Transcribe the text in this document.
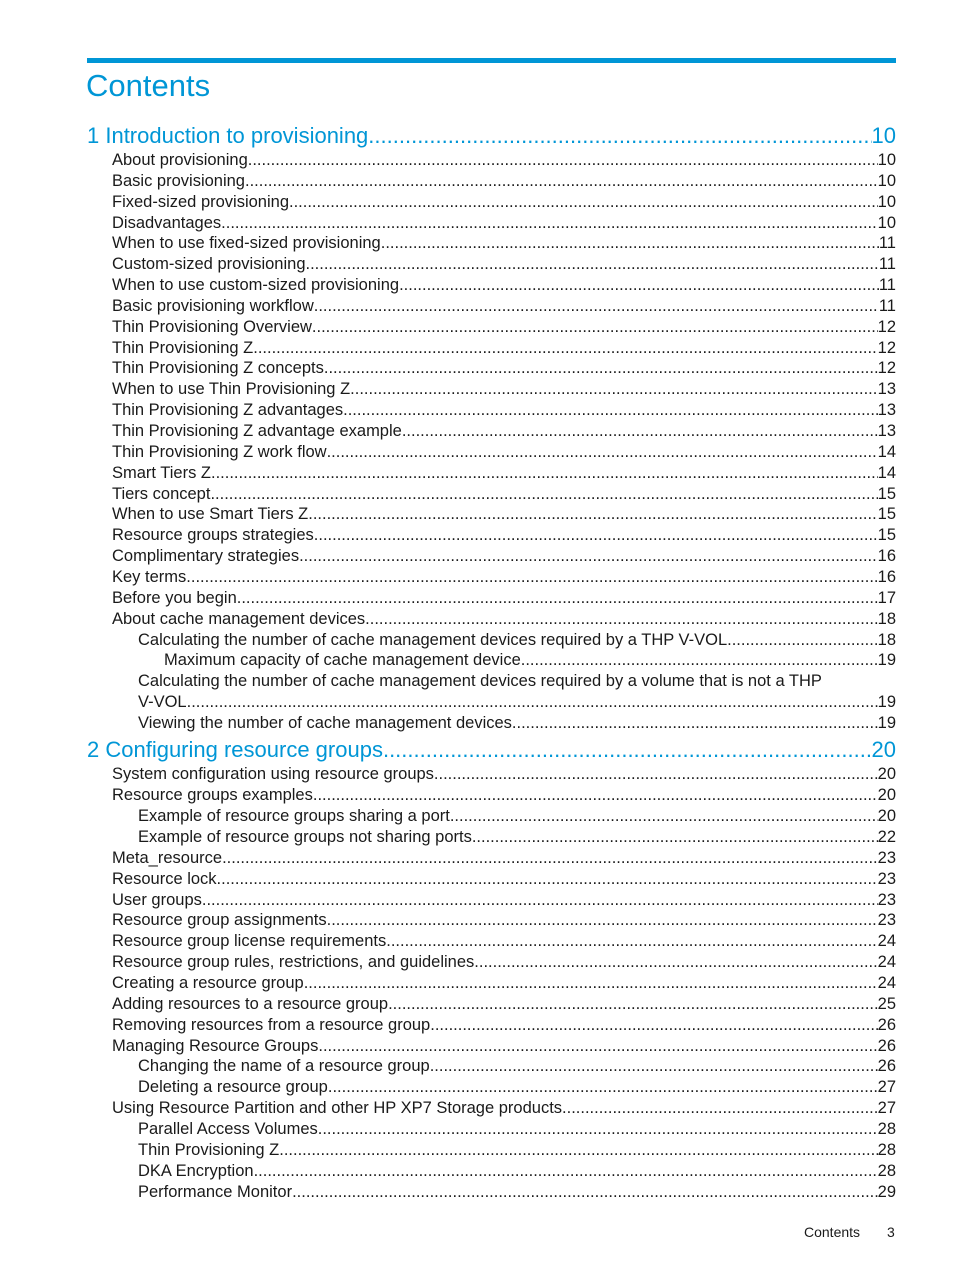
Contents
1 Introduction to provisioning .....	10
About provisioning .....	10
Basic provisioning .....	10
Fixed-sized provisioning .....	10
Disadvantages .....	10
When to use fixed-sized provisioning .....	11
Custom-sized provisioning .....	11
When to use custom-sized provisioning .....	11
Basic provisioning workflow .....	11
Thin Provisioning Overview .....	12
Thin Provisioning Z .....	12
Thin Provisioning Z concepts .....	12
When to use Thin Provisioning Z .....	13
Thin Provisioning Z advantages .....	13
Thin Provisioning Z advantage example .....	13
Thin Provisioning Z work flow .....	14
Smart Tiers Z .....	14
Tiers concept .....	15
When to use Smart Tiers Z .....	15
Resource groups strategies .....	15
Complimentary strategies .....	16
Key terms .....	16
Before you begin .....	17
About cache management devices .....	18
Calculating the number of cache management devices required by a THP V-VOL .....	18
Maximum capacity of cache management device .....	19
Calculating the number of cache management devices required by a volume that is not a THP
V-VOL .....	19
Viewing the number of cache management devices .....	19
2 Configuring resource groups .....	20
System configuration using resource groups .....	20
Resource groups examples .....	20
Example of resource groups sharing a port .....	20
Example of resource groups not sharing ports .....	22
Meta_resource .....	23
Resource lock .....	23
User groups .....	23
Resource group assignments .....	23
Resource group license requirements .....	24
Resource group rules, restrictions, and guidelines .....	24
Creating a resource group .....	24
Adding resources to a resource group .....	25
Removing resources from a resource group .....	26
Managing Resource Groups .....	26
Changing the name of a resource group .....	26
Deleting a resource group .....	27
Using Resource Partition and other HP XP7 Storage products .....	27
Parallel Access Volumes .....	28
Thin Provisioning Z .....	28
DKA Encryption .....	28
Performance Monitor .....	29
Contents 3
